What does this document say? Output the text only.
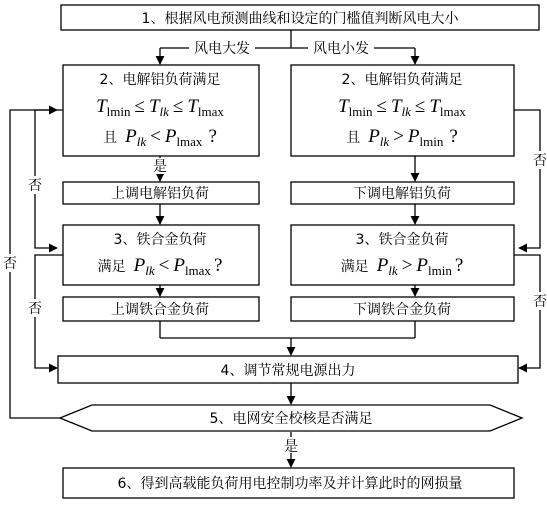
1、根据风电预测曲线和设定的门槛值判断风电大小
2、电解铝负荷满足
$T_{lmin} \le T_{lk} \le T_{lmax}$
且 $P_{lk} < P_{lmax}$ ?
2、电解铝负荷满足
$T_{lmin} \le T_{lk} \le T_{lmax}$
且 $P_{lk} > P_{lmin}$ ?
上调电解铝负荷	下调电解铝负荷
3、铁合金负荷
满足 $P_{lk} < P_{lmax}$ ?
3、铁合金负荷
满足 $P_{lk} > P_{lmin}$ ?
上调铁合金负荷	下调铁合金负荷
4、调节常规电源出力
5、电网安全校核是否满足
6、得到高载能负荷用电控制功率及并计算此时的网损量
风电大发	风电小发
是
是
否
否
否
否
否
